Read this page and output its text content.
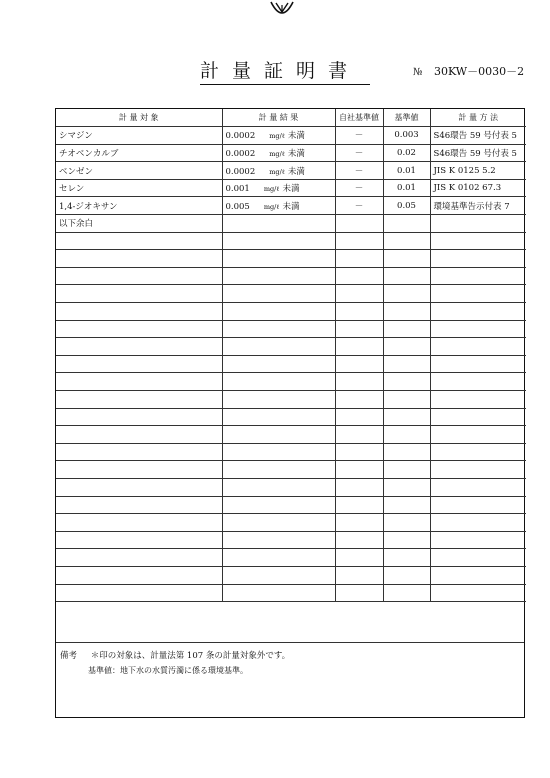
計量証明書	№ 30KW－0030－2
計 量 対 象	計 量 結 果	自社基準値	基準値	計 量 方 法
シマジン	0.0002 mg/ℓ 未満	－	0.003	S46環告 59 号付表 5
チオベンカルブ	0.0002 mg/ℓ 未満	－	0.02	S46環告 59 号付表 5
ベンゼン	0.0002 mg/ℓ 未満	－	0.01	JIS K 0125 5.2
セレン	0.001 mg/ℓ 未満	－	0.01	JIS K 0102 67.3
1,4-ジオキサン	0.005 mg/ℓ 未満	－	0.05	環境基準告示付表 7
以下余白				

備考 ＊印の対象は、計量法第 107 条の計量対象外です。
基準値：地下水の水質汚濁に係る環境基準。
